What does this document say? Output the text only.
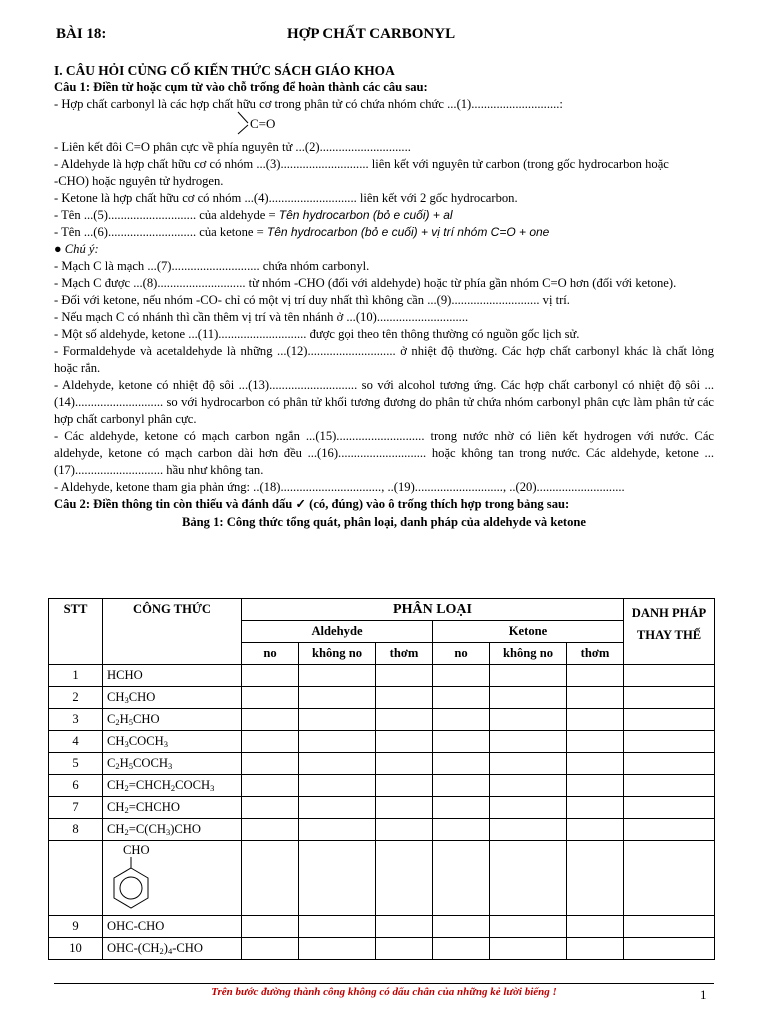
BÀI 18:	HỢP CHẤT CARBONYL

I. CÂU HỎI CỦNG CỐ KIẾN THỨC SÁCH GIÁO KHOA

Câu 1: Điền từ hoặc cụm từ vào chỗ trống để hoàn thành các câu sau:

- Hợp chất carbonyl là các hợp chất hữu cơ trong phân tử có chứa nhóm chức ...(1)............................:

C=O

- Liên kết đôi C=O phân cực về phía nguyên tử ...(2).............................

- Aldehyde là hợp chất hữu cơ có nhóm ...(3)............................ liên kết với nguyên tử carbon (trong gốc hydrocarbon hoặc

-CHO) hoặc nguyên tử hydrogen.

- Ketone là hợp chất hữu cơ có nhóm ...(4)............................ liên kết với 2 gốc hydrocarbon.

- Tên ...(5)............................ của aldehyde = Tên hydrocarbon (bỏ e cuối) + al

- Tên ...(6)............................ của ketone = Tên hydrocarbon (bỏ e cuối) + vị trí nhóm C=O + one

● Chú ý:

- Mạch C là mạch ...(7)............................ chứa nhóm carbonyl.

- Mạch C được ...(8)............................ từ nhóm -CHO (đối với aldehyde) hoặc từ phía gần nhóm C=O hơn (đối với ketone).

- Đối với ketone, nếu nhóm -CO- chỉ có một vị trí duy nhất thì không cần ...(9)............................ vị trí.

- Nếu mạch C có nhánh thì cần thêm vị trí và tên nhánh ở ...(10).............................

- Một số aldehyde, ketone ...(11)............................ được gọi theo tên thông thường có nguồn gốc lịch sử.

- Formaldehyde và acetaldehyde là những ...(12)............................ ở nhiệt độ thường. Các hợp chất carbonyl khác là chất lỏng hoặc rắn.

- Aldehyde, ketone có nhiệt độ sôi ...(13)............................ so với alcohol tương ứng. Các hợp chất carbonyl có nhiệt độ sôi ...(14)............................ so với hydrocarbon có phân tử khối tương đương do phân tử chứa nhóm carbonyl phân cực làm phân tử các hợp chất carbonyl phân cực.

- Các aldehyde, ketone có mạch carbon ngắn ...(15)............................ trong nước nhờ có liên kết hydrogen với nước. Các aldehyde, ketone có mạch carbon dài hơn đều ...(16)............................ hoặc không tan trong nước. Các aldehyde, ketone ...(17)............................ hầu như không tan.

- Aldehyde, ketone tham gia phản ứng: ..(18)................................, ..(19)............................, ..(20)............................

Câu 2: Điền thông tin còn thiếu và đánh dấu ✓ (có, đúng) vào ô trống thích hợp trong bảng sau:

Bảng 1: Công thức tổng quát, phân loại, danh pháp của aldehyde và ketone

STT	CÔNG THỨC	PHÂN LOẠI						DANH PHÁP
THAY THẾ
		Aldehyde			Ketone			
		no	không no	thơm	no	không no	thơm	
1	HCHO							
2	$CH_3CHO$							
3	$C_2H_5CHO$							
4	$CH_3COCH_3$							
5	$C_2H_5COCH_3$							
6	$CH_2=CHCH_2COCH_3$							
7	$CH_2=CHCHO$							
8	$CH_2=C(CH_3)CHO$							

CHO							

9	OHC-CHO							
10	OHC-$(CH_2)_4$-CHO							
Trên bước đường thành công không có dấu chân của những kẻ lười biếng !	1
